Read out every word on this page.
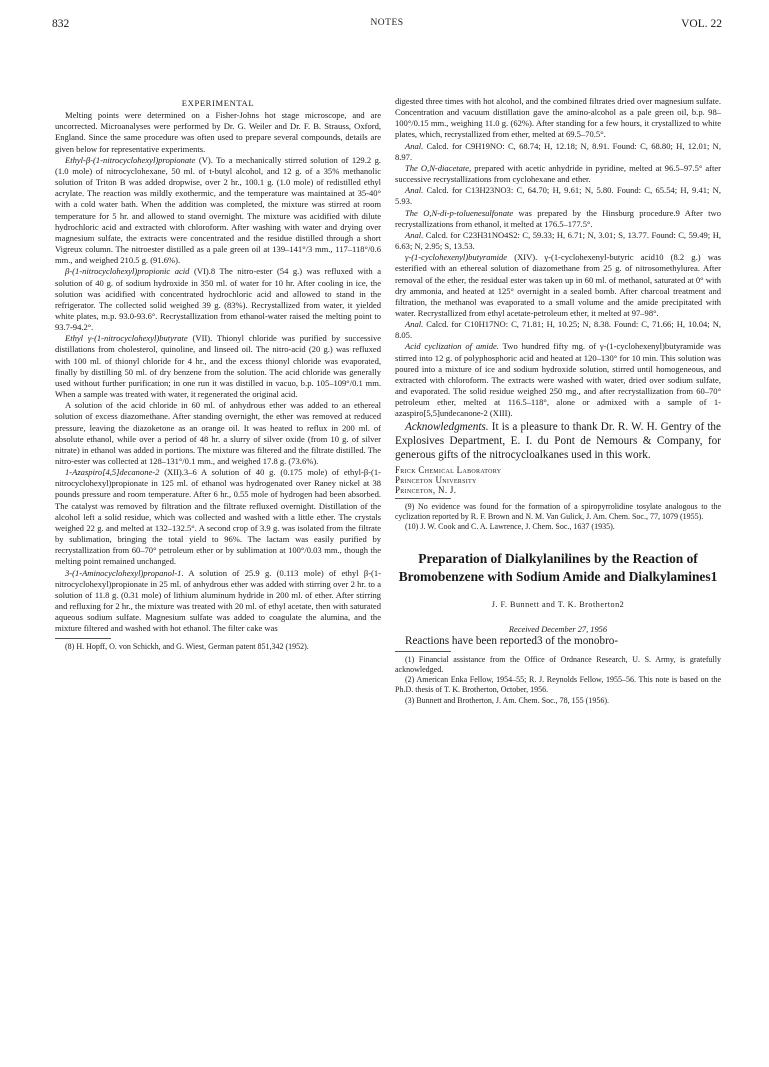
832	NOTES	VOL. 22
EXPERIMENTAL

Melting points were determined on a Fisher-Johns hot stage microscope, and are uncorrected. Microanalyses were performed by Dr. G. Weiler and Dr. F. B. Strauss, Oxford, England. Since the same procedure was often used to prepare several compounds, details are given below for representative experiments.

Ethyl-β-(1-nitrocyclohexyl)propionate (V). To a mechanically stirred solution of 129.2 g. (1.0 mole) of nitrocyclohexane, 50 ml. of t-butyl alcohol, and 12 g. of a 35% methanolic solution of Triton B was added dropwise, over 2 hr., 100.1 g. (1.0 mole) of redistilled ethyl acrylate. The reaction was mildly exothermic, and the temperature was maintained at 35-40° with a cold water bath. When the addition was completed, the mixture was stirred at room temperature for 5 hr. and allowed to stand overnight. The mixture was acidified with dilute hydrochloric acid and extracted with chloroform. After washing with water and drying over magnesium sulfate, the extracts were concentrated and the residue distilled through a short Vigreux column. The nitroester distilled as a pale green oil at 139–141°/3 mm., 117–118°/0.6 mm., and weighed 210.5 g. (91.6%).

β-(1-nitrocyclohexyl)propionic acid (VI).8 The nitro-ester (54 g.) was refluxed with a solution of 40 g. of sodium hydroxide in 350 ml. of water for 10 hr. After cooling in ice, the solution was acidified with concentrated hydrochloric acid and allowed to stand in the refrigerator. The collected solid weighed 39 g. (83%). Recrystallized from water, it yielded white plates, m.p. 93.0-93.6°. Recrystallization from ethanol-water raised the melting point to 93.7-94.2°.

Ethyl γ-(1-nitrocyclohexyl)butyrate (VII). Thionyl chloride was purified by successive distillations from cholesterol, quinoline, and linseed oil. The nitro-acid (20 g.) was refluxed with 100 ml. of thionyl chloride for 4 hr., and the excess thionyl chloride was evaporated, finally by distilling 50 ml. of dry benzene from the solution. The acid chloride was generally used without further purification; in one run it was distilled in vacuo, b.p. 105–109°/0.1 mm. When a sample was treated with water, it regenerated the original acid.

A solution of the acid chloride in 60 ml. of anhydrous ether was added to an ethereal solution of excess diazomethane. After standing overnight, the ether was removed at reduced pressure, leaving the diazoketone as an orange oil. It was heated to reflux in 200 ml. of absolute ethanol, while over a period of 48 hr. a slurry of silver oxide (from 10 g. of silver nitrate) in ethanol was added in portions. The mixture was filtered and the filtrate distilled. The nitro-ester was collected at 128–131°/0.1 mm., and weighed 17.8 g. (73.6%).

1-Azaspiro[4,5]decanone-2 (XII).3–6 A solution of 40 g. (0.175 mole) of ethyl-β-(1-nitrocyclohexyl)propionate in 125 ml. of ethanol was hydrogenated over Raney nickel at 38 pounds pressure and room temperature. After 6 hr., 0.55 mole of hydrogen had been absorbed. The catalyst was removed by filtration and the filtrate refluxed overnight. Distillation of the alcohol left a solid residue, which was collected and washed with a little ether. The crystals weighed 22 g. and melted at 132–132.5°. A second crop of 3.9 g. was isolated from the filtrate by sublimation, bringing the total yield to 96%. The lactam was easily purified by recrystallization from 60–70° petroleum ether or by sublimation at 100°/0.03 mm., though the melting point remained unchanged.

3-(1-Aminocyclohexyl)propanol-1. A solution of 25.9 g. (0.113 mole) of ethyl β-(1-nitrocyclohexyl)propionate in 25 ml. of anhydrous ether was added with stirring over 2 hr. to a solution of 11.8 g. (0.31 mole) of lithium aluminum hydride in 200 ml. of ether. After stirring and refluxing for 2 hr., the mixture was treated with 20 ml. of ethyl acetate, then with saturated aqueous sodium sulfate. Magnesium sulfate was added to coagulate the alumina, and the mixture filtered and washed with hot ethanol. The filter cake was

(8) H. Hopff, O. von Schickh, and G. Wiest, German patent 851,342 (1952).

digested three times with hot alcohol, and the combined filtrates dried over magnesium sulfate. Concentration and vacuum distillation gave the amino-alcohol as a pale green oil, b.p. 98–100°/0.15 mm., weighing 11.0 g. (62%). After standing for a few hours, it crystallized to white plates, which, recrystallized from ether, melted at 69.5–70.5°.

Anal. Calcd. for C9H19NO: C, 68.74; H, 12.18; N, 8.91. Found: C, 68.80; H, 12.01; N, 8.97.

The O,N-diacetate, prepared with acetic anhydride in pyridine, melted at 96.5–97.5° after successive recrystallizations from cyclohexane and ether.

Anal. Calcd. for C13H23NO3: C, 64.70; H, 9.61; N, 5.80. Found: C, 65.54; H, 9.41; N, 5.93.

The O,N-di-p-toluenesulfonate was prepared by the Hinsburg procedure.9 After two recrystallizations from ethanol, it melted at 176.5–177.5°.

Anal. Calcd. for C23H31NO4S2: C, 59.33; H, 6.71; N, 3.01; S, 13.77. Found: C, 59.49; H, 6.63; N, 2.95; S, 13.53.

γ-(1-cyclohexenyl)butyramide (XIV). γ-(1-cyclohexenyl-butyric acid10 (8.2 g.) was esterified with an ethereal solution of diazomethane from 25 g. of nitrosomethylurea. After removal of the ether, the residual ester was taken up in 60 ml. of methanol, saturated at 0° with dry ammonia, and heated at 125° overnight in a sealed bomb. After charcoal treatment and filtration, the methanol was evaporated to a small volume and the amide precipitated with water. Recrystallized from ethyl acetate-petroleum ether, it melted at 97–98°.

Anal. Calcd. for C10H17NO: C, 71.81; H, 10.25; N, 8.38. Found: C, 71.66; H, 10.04; N, 8.05.

Acid cyclization of amide. Two hundred fifty mg. of γ-(1-cyclohexenyl)butyramide was stirred into 12 g. of polyphosphoric acid and heated at 120–130° for 10 min. This solution was poured into a mixture of ice and sodium hydroxide solution, stirred until homogeneous, and extracted with chloroform. The extracts were washed with water, dried over sodium sulfate, and evaporated. The solid residue weighed 250 mg., and after recrystallization from 60–70° petroleum ether, melted at 116.5–118°, alone or admixed with a sample of 1-azaspiro[5,5]undecanone-2 (XIII).

Acknowledgments. It is a pleasure to thank Dr. R. W. H. Gentry of the Explosives Department, E. I. du Pont de Nemours & Company, for generous gifts of the nitrocycloalkanes used in this work.

Frick Chemical Laboratory
Princeton University
Princeton, N. J.

(9) No evidence was found for the formation of a spiropyrrolidine tosylate analogous to the cyclization reported by R. F. Brown and N. M. Van Gulick, J. Am. Chem. Soc., 77, 1079 (1955).

(10) J. W. Cook and C. A. Lawrence, J. Chem. Soc., 1637 (1935).

Preparation of Dialkylanilines by the Reaction of Bromobenzene with Sodium Amide and Dialkylamines1
J. F. Bunnett and T. K. Brotherton2
Received December 27, 1956

Reactions have been reported3 of the monobro-

(1) Financial assistance from the Office of Ordnance Research, U. S. Army, is gratefully acknowledged.

(2) American Enka Fellow, 1954–55; R. J. Reynolds Fellow, 1955–56. This note is based on the Ph.D. thesis of T. K. Brotherton, October, 1956.

(3) Bunnett and Brotherton, J. Am. Chem. Soc., 78, 155 (1956).
